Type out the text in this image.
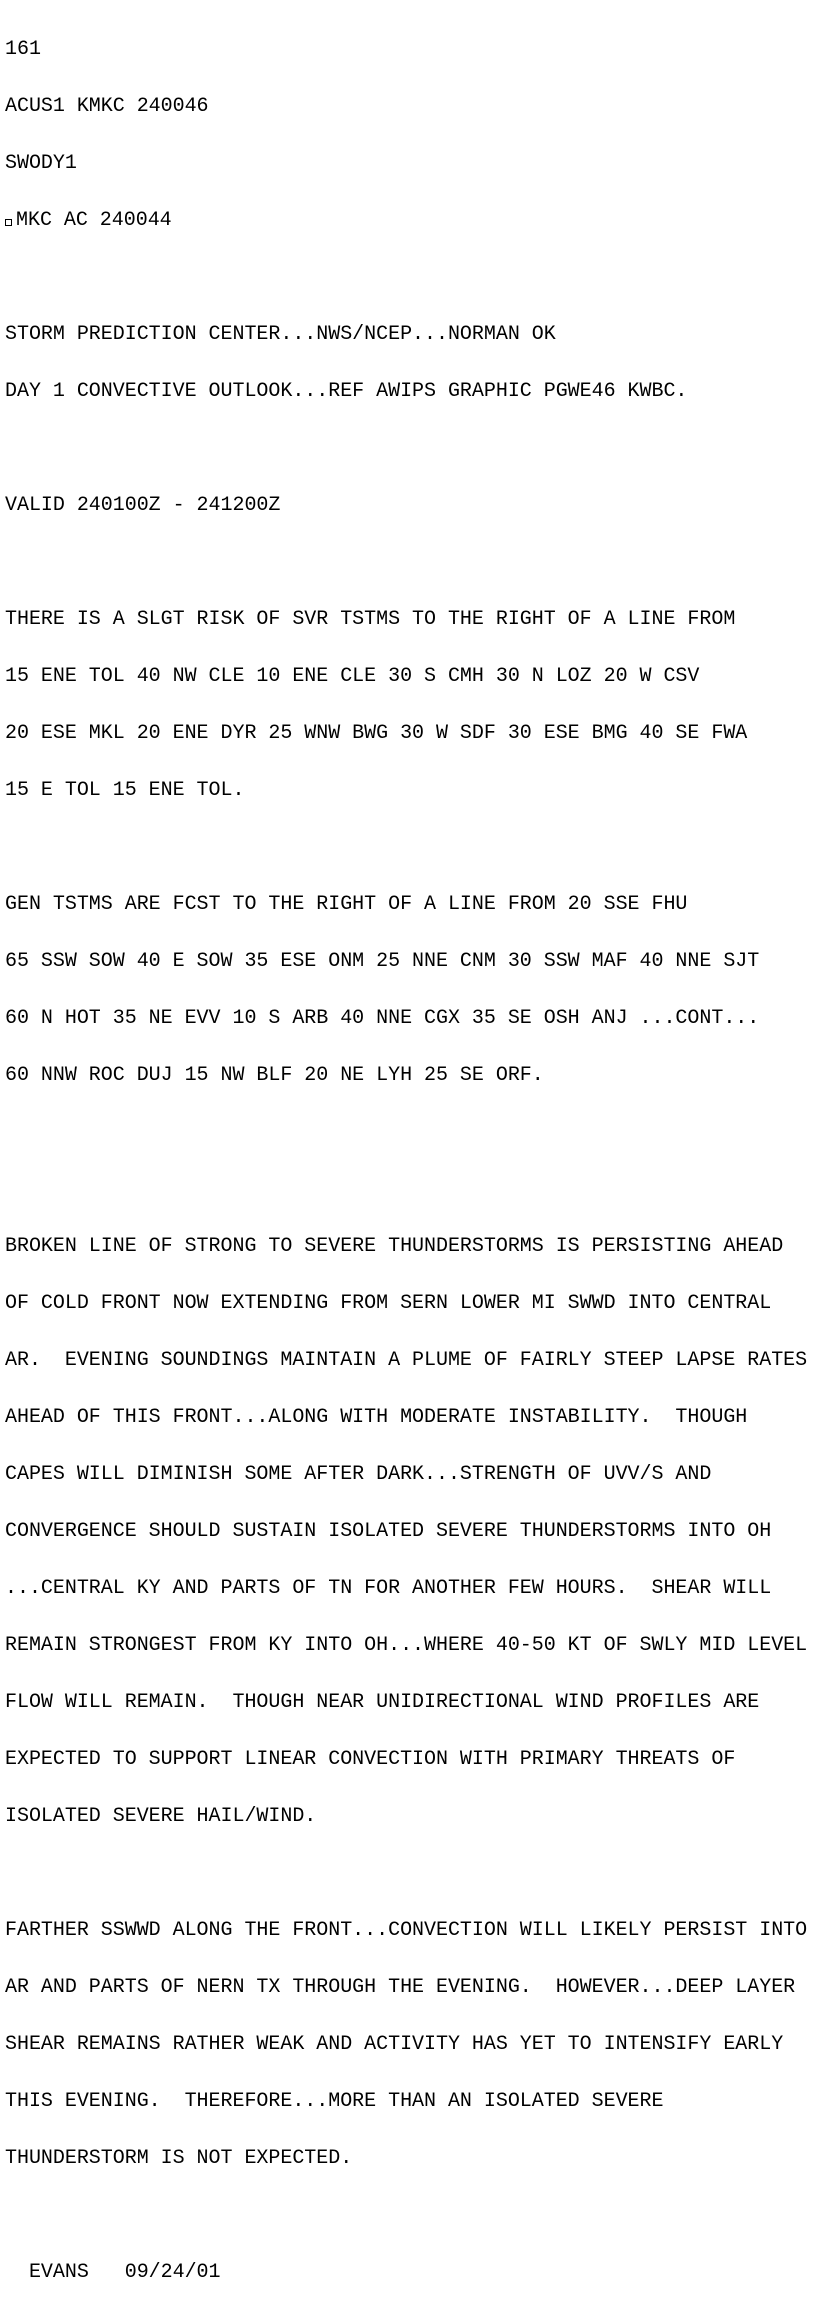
161

ACUS1 KMKC 240046

SWODY1

MKC AC 240044

STORM PREDICTION CENTER...NWS/NCEP...NORMAN OK

DAY 1 CONVECTIVE OUTLOOK...REF AWIPS GRAPHIC PGWE46 KWBC.

VALID 240100Z - 241200Z

THERE IS A SLGT RISK OF SVR TSTMS TO THE RIGHT OF A LINE FROM

15 ENE TOL 40 NW CLE 10 ENE CLE 30 S CMH 30 N LOZ 20 W CSV

20 ESE MKL 20 ENE DYR 25 WNW BWG 30 W SDF 30 ESE BMG 40 SE FWA

15 E TOL 15 ENE TOL.

GEN TSTMS ARE FCST TO THE RIGHT OF A LINE FROM 20 SSE FHU

65 SSW SOW 40 E SOW 35 ESE ONM 25 NNE CNM 30 SSW MAF 40 NNE SJT

60 N HOT 35 NE EVV 10 S ARB 40 NNE CGX 35 SE OSH ANJ ...CONT...

60 NNW ROC DUJ 15 NW BLF 20 NE LYH 25 SE ORF.

BROKEN LINE OF STRONG TO SEVERE THUNDERSTORMS IS PERSISTING AHEAD

OF COLD FRONT NOW EXTENDING FROM SERN LOWER MI SWWD INTO CENTRAL

AR.  EVENING SOUNDINGS MAINTAIN A PLUME OF FAIRLY STEEP LAPSE RATES

AHEAD OF THIS FRONT...ALONG WITH MODERATE INSTABILITY.  THOUGH

CAPES WILL DIMINISH SOME AFTER DARK...STRENGTH OF UVV/S AND

CONVERGENCE SHOULD SUSTAIN ISOLATED SEVERE THUNDERSTORMS INTO OH

...CENTRAL KY AND PARTS OF TN FOR ANOTHER FEW HOURS.  SHEAR WILL

REMAIN STRONGEST FROM KY INTO OH...WHERE 40-50 KT OF SWLY MID LEVEL

FLOW WILL REMAIN.  THOUGH NEAR UNIDIRECTIONAL WIND PROFILES ARE

EXPECTED TO SUPPORT LINEAR CONVECTION WITH PRIMARY THREATS OF

ISOLATED SEVERE HAIL/WIND.

FARTHER SSWWD ALONG THE FRONT...CONVECTION WILL LIKELY PERSIST INTO

AR AND PARTS OF NERN TX THROUGH THE EVENING.  HOWEVER...DEEP LAYER

SHEAR REMAINS RATHER WEAK AND ACTIVITY HAS YET TO INTENSIFY EARLY

THIS EVENING.  THEREFORE...MORE THAN AN ISOLATED SEVERE

THUNDERSTORM IS NOT EXPECTED.

EVANS   09/24/01
